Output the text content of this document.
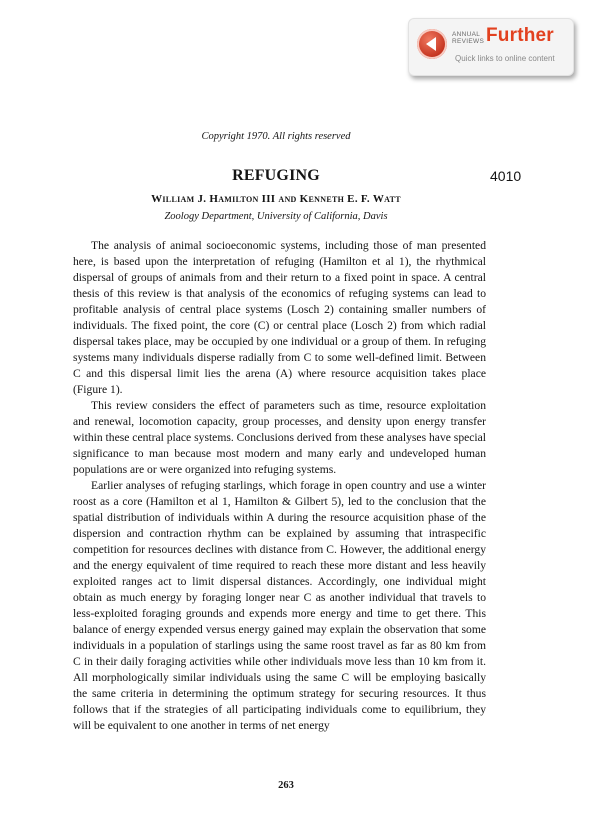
ANNUAL
REVIEWS Further
Quick links to online content
Copyright 1970. All rights reserved
REFUGING	4010
William J. Hamilton III and Kenneth E. F. Watt
Zoology Department, University of California, Davis

The analysis of animal socioeconomic systems, including those of man presented here, is based upon the interpretation of refuging (Hamilton et al 1), the rhythmical dispersal of groups of animals from and their return to a fixed point in space. A central thesis of this review is that analysis of the economics of refuging systems can lead to profitable analysis of central place systems (Losch 2) containing smaller numbers of individuals. The fixed point, the core (C) or central place (Losch 2) from which radial dispersal takes place, may be occupied by one individual or a group of them. In refuging systems many individuals disperse radially from C to some well-defined limit. Between C and this dispersal limit lies the arena (A) where resource acquisition takes place (Figure 1).

This review considers the effect of parameters such as time, resource exploitation and renewal, locomotion capacity, group processes, and density upon energy transfer within these central place systems. Conclusions derived from these analyses have special significance to man because most modern and many early and undeveloped human populations are or were organized into refuging systems.

Earlier analyses of refuging starlings, which forage in open country and use a winter roost as a core (Hamilton et al 1, Hamilton & Gilbert 5), led to the conclusion that the spatial distribution of individuals within A during the resource acquisition phase of the dispersion and contraction rhythm can be explained by assuming that intraspecific competition for resources declines with distance from C. However, the additional energy and the energy equivalent of time required to reach these more distant and less heavily exploited ranges act to limit dispersal distances. Accordingly, one individual might obtain as much energy by foraging longer near C as another individual that travels to less-exploited foraging grounds and expends more energy and time to get there. This balance of energy expended versus energy gained may explain the observation that some individuals in a population of starlings using the same roost travel as far as 80 km from C in their daily foraging activities while other individuals move less than 10 km from it. All morphologically similar individuals using the same C will be employing basically the same criteria in determining the optimum strategy for securing resources. It thus follows that if the strategies of all participating individuals come to equilibrium, they will be equivalent to one another in terms of net energy

263
